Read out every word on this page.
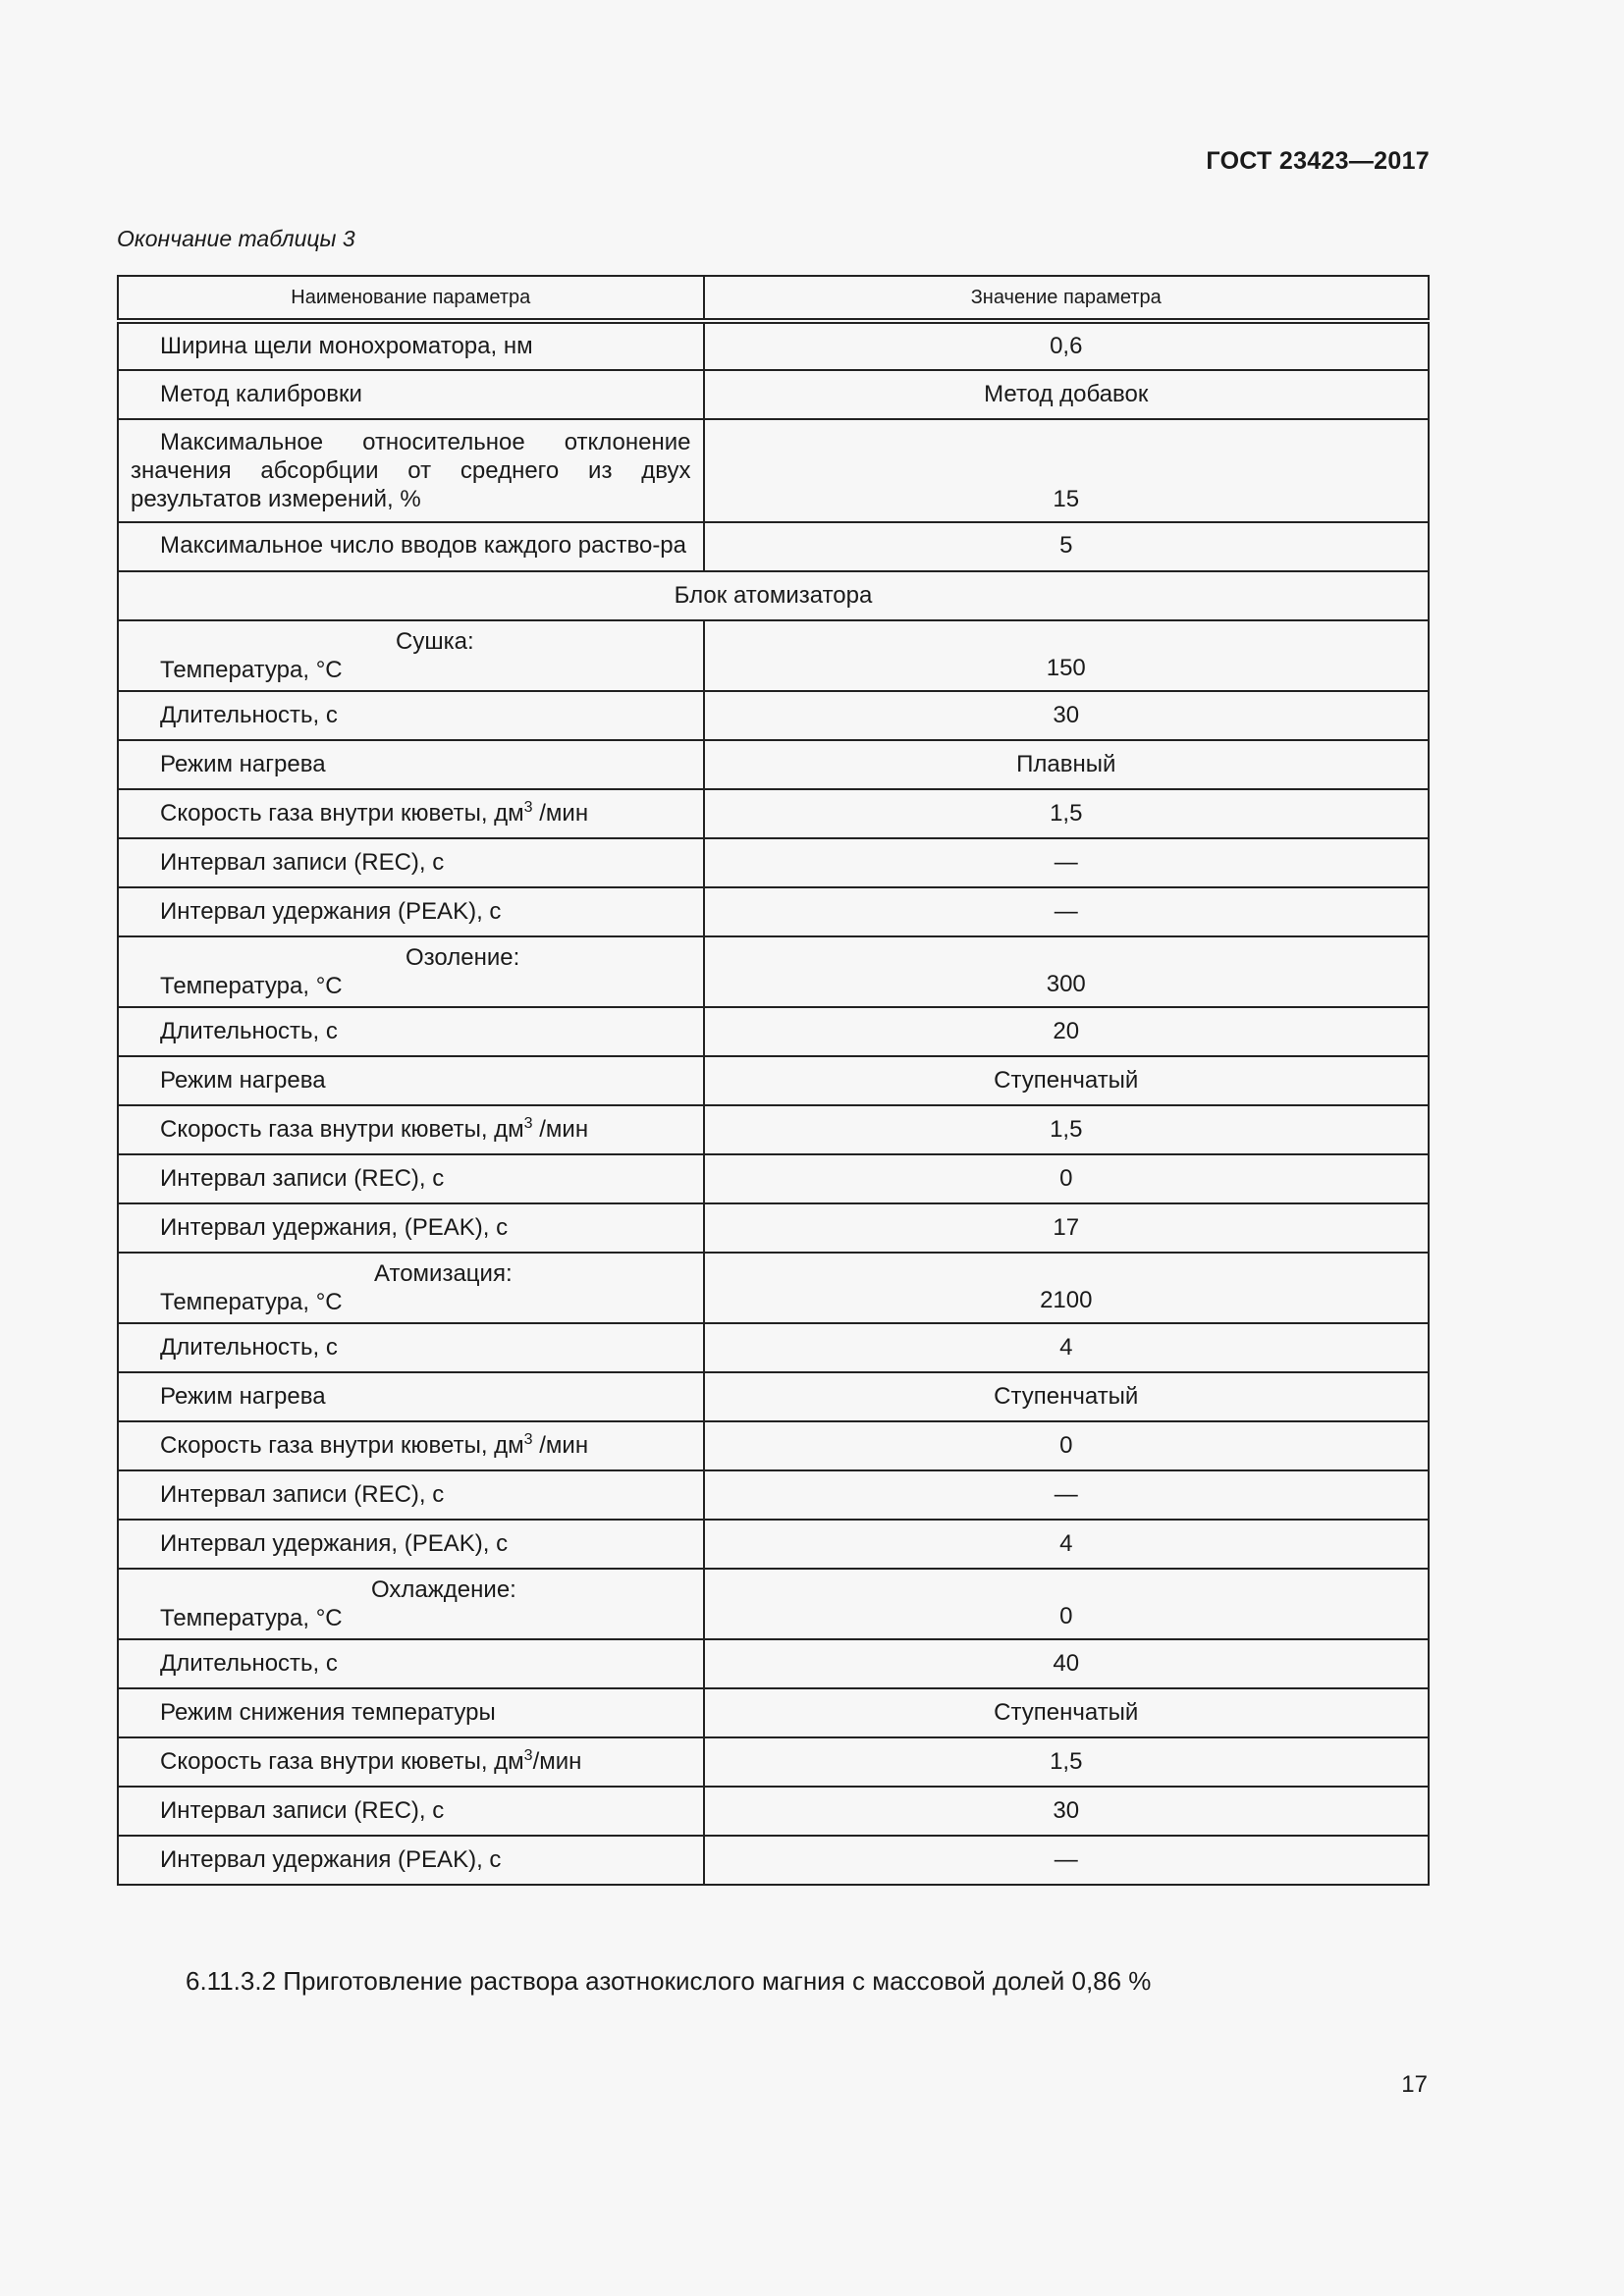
ГОСТ 23423—2017
Окончание таблицы 3
Наименование параметра	Значение параметра
Ширина щели монохроматора, нм	0,6
Метод калибровки	Метод добавок
Максимальное относительное отклонение значения абсорбции от среднего из двух результатов измерений, %	15
Максимальное число вводов каждого раство-ра	5
Блок атомизатора	

Сушка:
Температура, °C	150
Длительность, с	30
Режим нагрева	Плавный
Скорость газа внутри кюветы, $дм^3$ /мин	1,5
Интервал записи (REC), с	—
Интервал удержания (PEAK), с	—

Озоление:
Температура, °C	300
Длительность, с	20
Режим нагрева	Ступенчатый
Скорость газа внутри кюветы, $дм^3$ /мин	1,5
Интервал записи (REC), с	0
Интервал удержания, (PEAK), с	17

Атомизация:
Температура, °C	2100
Длительность, с	4
Режим нагрева	Ступенчатый
Скорость газа внутри кюветы, $дм^3$ /мин	0
Интервал записи (REC), с	—
Интервал удержания, (PEAK), с	4

Охлаждение:
Температура, °C	0
Длительность, с	40
Режим снижения температуры	Ступенчатый
Скорость газа внутри кюветы, $дм^3$/мин	1,5
Интервал записи (REC), с	30
Интервал удержания (PEAK), с	—
6.11.3.2 Приготовление раствора азотнокислого магния с массовой долей 0,86 %
17
